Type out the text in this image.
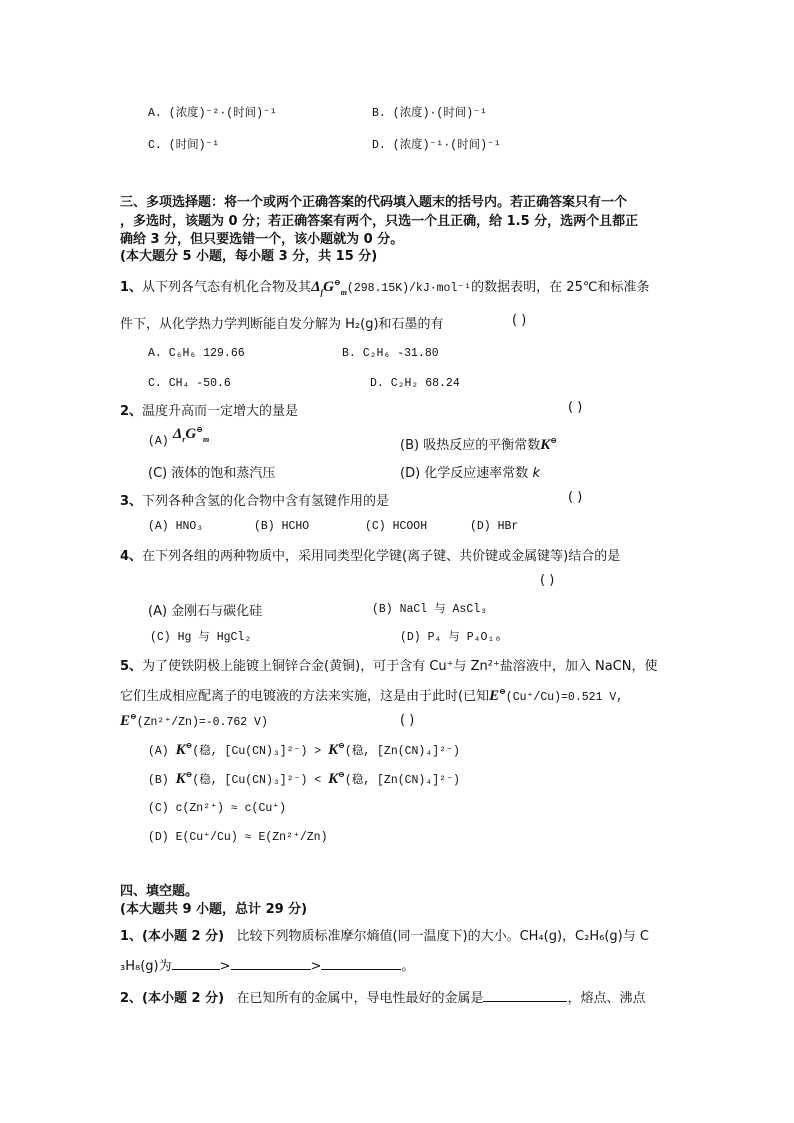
A. (浓度)⁻²·(时间)⁻¹	B. (浓度)·(时间)⁻¹
C. (时间)⁻¹	D. (浓度)⁻¹·(时间)⁻¹
三、多项选择题：将一个或两个正确答案的代码填入题末的括号内。若正确答案只有一个
，多选时，该题为 0 分；若正确答案有两个，只选一个且正确，给 1.5 分，选两个且都正
确给 3 分，但只要选错一个，该小题就为 0 分。
(本大题分 5 小题，每小题 3 分，共 15 分)
1、从下列各气态有机化合物及其$\Delta_fG^⊖_m(298.15K)/kJ\cdot mol^{-1}$的数据表明，在 25℃和标准条
件下，从化学热力学判断能自发分解为 H₂(g)和石墨的有	( )
A. C₆H₆ 129.66	B. C₂H₆ -31.80
C. CH₄ -50.6	D. C₂H₂ 68.24
2、温度升高而一定增大的量是	( )
(A) $\Delta_rG^⊖_m$	(B) 吸热反应的平衡常数K⊖
(C) 液体的饱和蒸汽压	(D) 化学反应速率常数 k
3、下列各种含氢的化合物中含有氢键作用的是	( )
(A) HNO₃	(B) HCHO	(C) HCOOH	(D) HBr
4、在下列各组的两种物质中，采用同类型化学键(离子键、共价键或金属键等)结合的是
( )
(A) 金刚石与碳化硅	(B) NaCl 与 AsCl₃
(C) Hg 与 HgCl₂	(D) P₄ 与 P₄O₁₀
5、为了使铁阴极上能镀上铜锌合金(黄铜)，可于含有 Cu⁺与 Zn²⁺盐溶液中，加入 NaCN，使
它们生成相应配离子的电镀液的方法来实施，这是由于此时(已知E⊖(Cu⁺/Cu)=0.521 V,
E⊖(Zn²⁺/Zn)=-0.762 V)	( )
(A) K⊖(稳, [Cu(CN)₃]²⁻) > K⊖(稳, [Zn(CN)₄]²⁻)
(B) K⊖(稳, [Cu(CN)₃]²⁻) < K⊖(稳, [Zn(CN)₄]²⁻)
(C) c(Zn²⁺) ≈ c(Cu⁺)
(D) E(Cu⁺/Cu) ≈ E(Zn²⁺/Zn)
四、填空题。
(本大题共 9 小题，总计 29 分)
1、(本小题 2 分) 比较下列物质标准摩尔熵值(同一温度下)的大小。CH₄(g)，C₂H₆(g)与 C
₃H₈(g)为	>	>	。
2、(本小题 2 分) 在已知所有的金属中，导电性最好的金属是	，熔点、沸点
